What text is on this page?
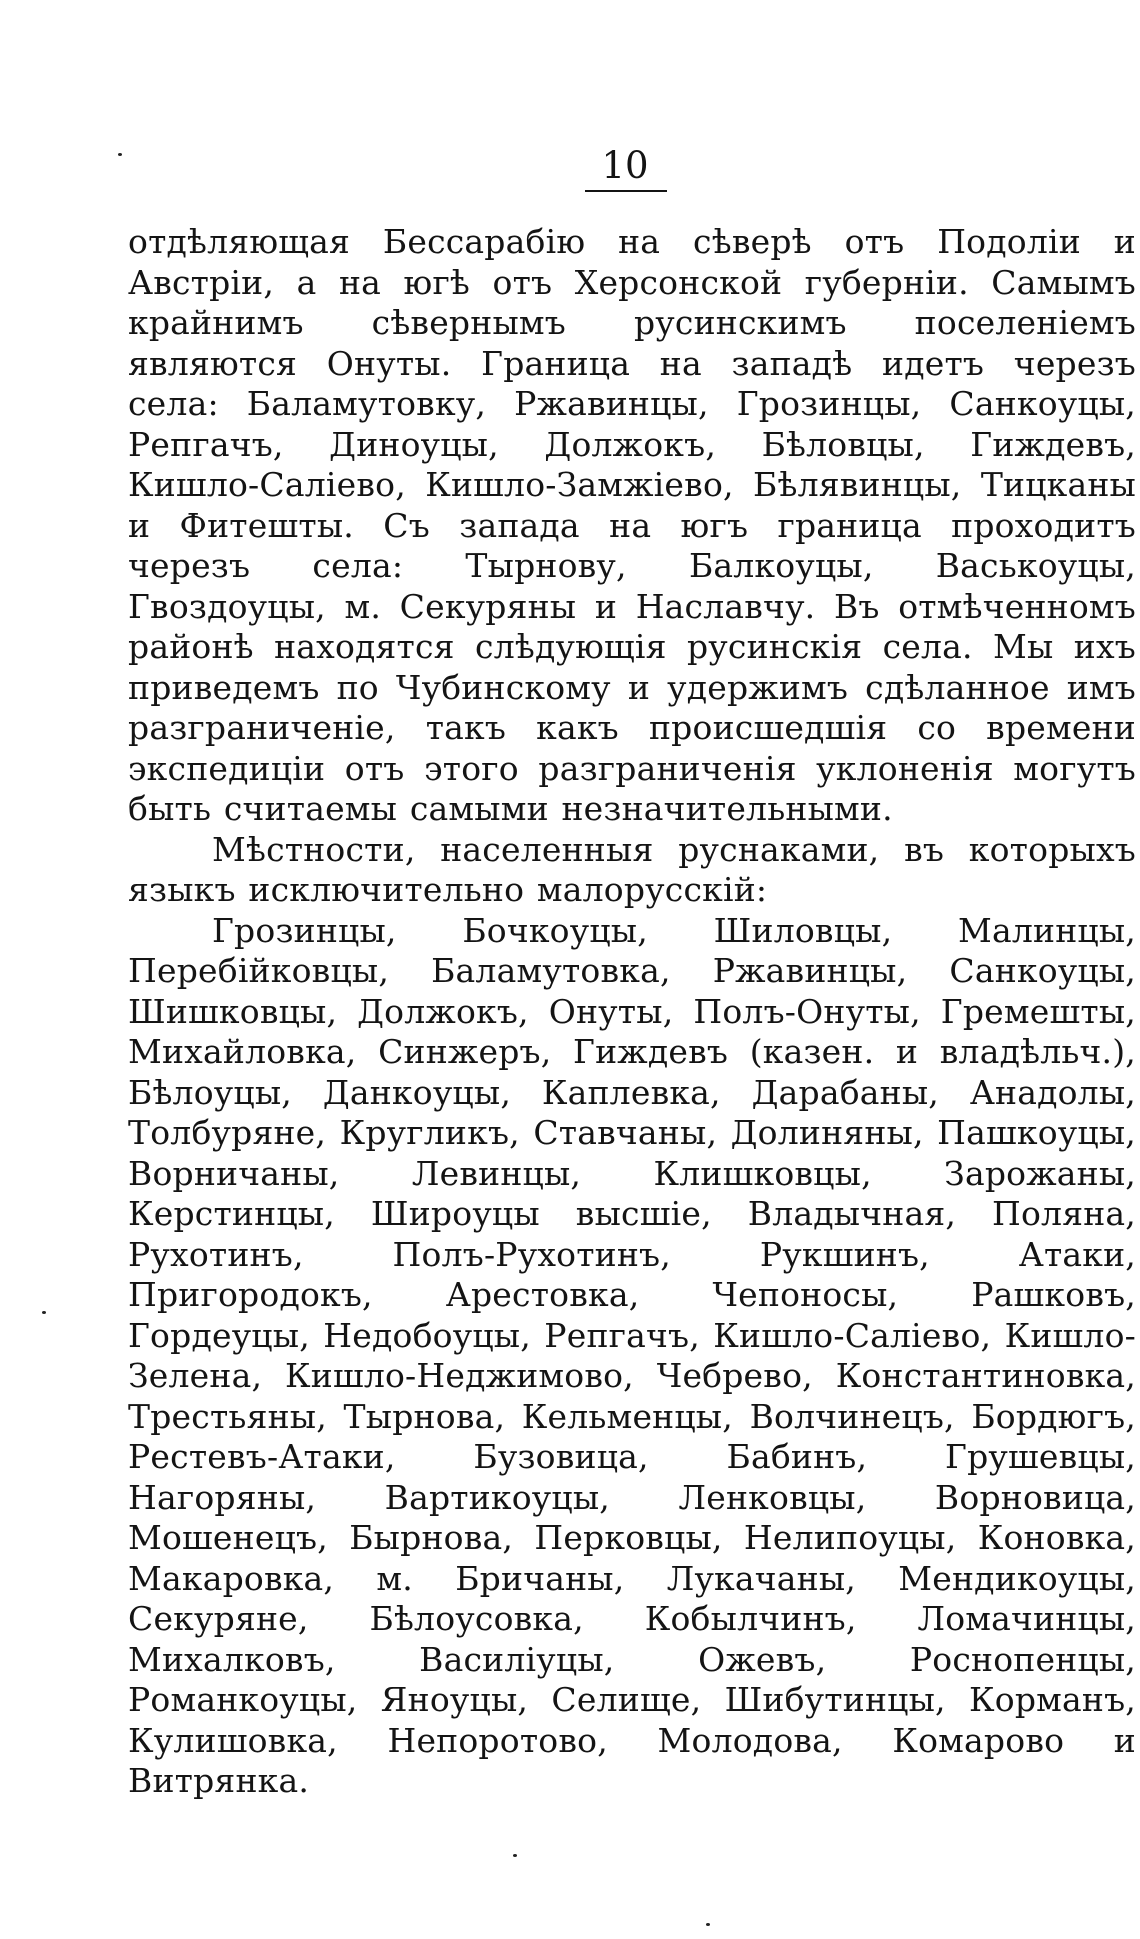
10

отдѣляющая Бессарабію на сѣверѣ отъ Подоліи и Австріи, а на югѣ отъ Херсонской губерніи. Самымъ крайнимъ сѣвернымъ русинскимъ поселеніемъ являются Онуты. Граница на западѣ идетъ черезъ села: Баламутовку, Ржавинцы, Грозинцы, Санкоуцы, Репгачъ, Диноуцы, Должокъ, Бѣловцы, Гиждевъ, Кишло-Саліево, Кишло-Замжіево, Бѣлявинцы, Тицканы и Фитешты. Съ запада на югъ граница проходитъ черезъ села: Тырнову, Балкоуцы, Васькоуцы, Гвоздоуцы, м. Секуряны и Наславчу. Въ отмѣченномъ районѣ находятся слѣдующія русинскія села. Мы ихъ приведемъ по Чубинскому и удержимъ сдѣланное имъ разграниченіе, такъ какъ происшедшія со времени экспедиціи отъ этого разграниченія уклоненія могутъ быть считаемы самыми незначительными.

Мѣстности, населенныя руснаками, въ которыхъ языкъ исключительно малорусскій:

Грозинцы, Бочкоуцы, Шиловцы, Малинцы, Перебійковцы, Баламутовка, Ржавинцы, Санкоуцы, Шишковцы, Должокъ, Онуты, Полъ-Онуты, Гремешты, Михайловка, Синжеръ, Гиждевъ (казен. и владѣльч.), Бѣлоуцы, Данкоуцы, Каплевка, Дарабаны, Анадолы, Толбуряне, Кругликъ, Ставчаны, Долиняны, Пашкоуцы, Ворничаны, Левинцы, Клишковцы, Зарожаны, Керстинцы, Широуцы высшіе, Владычная, Поляна, Рухотинъ, Полъ-Рухотинъ, Рукшинъ, Атаки, Пригородокъ, Арестовка, Чепоносы, Рашковъ, Гордеуцы, Недобоуцы, Репгачъ, Кишло-Саліево, Кишло-Зелена, Кишло-Неджимово, Чебрево, Константиновка, Трестьяны, Тырнова, Кельменцы, Волчинецъ, Бордюгъ, Рестевъ-Атаки, Бузовица, Бабинъ, Грушевцы, Нагоряны, Вартикоуцы, Ленковцы, Ворновица, Мошенецъ, Бырнова, Перковцы, Нелипоуцы, Коновка, Макаровка, м. Бричаны, Лукачаны, Мендикоуцы, Секуряне, Бѣлоусовка, Кобылчинъ, Ломачинцы, Михалковъ, Василіуцы, Ожевъ, Роснопенцы, Романкоуцы, Яноуцы, Селище, Шибутинцы, Корманъ, Кулишовка, Непоротово, Молодова, Комарово и Витрянка.
